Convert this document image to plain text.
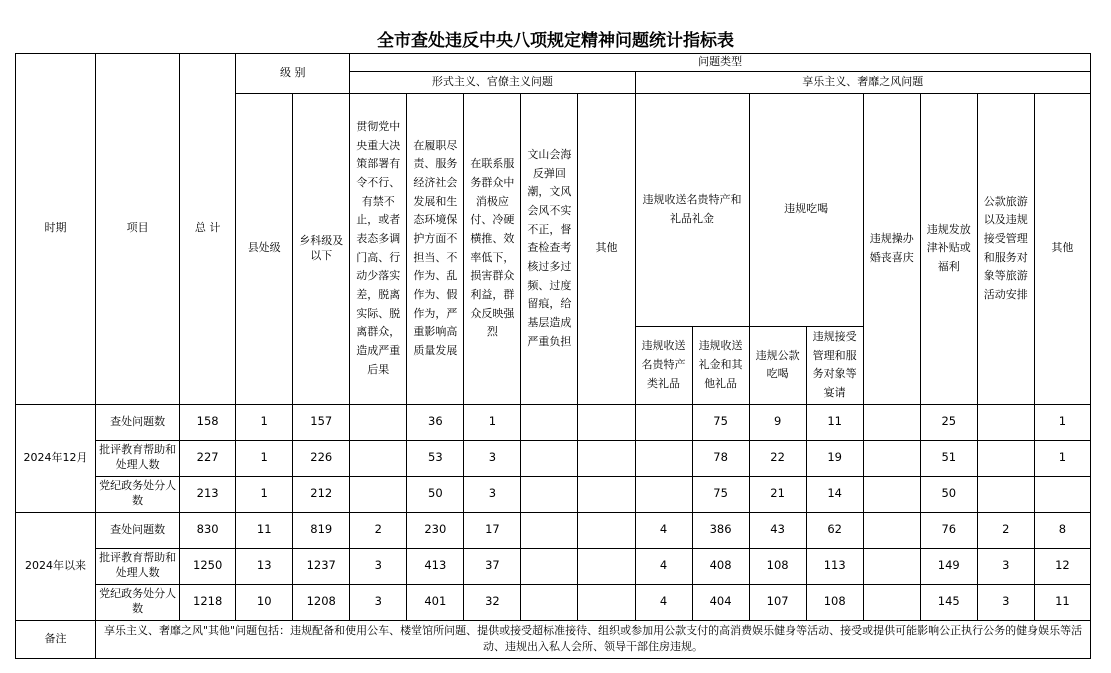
全市查处违反中央八项规定精神问题统计指标表
时期	项目	总 计	级 别		问题类型												
					形式主义、官僚主义问题					享乐主义、奢靡之风问题							
			县处级	乡科级及以下	贯彻党中央重大决策部署有令不行、有禁不止，或者表态多调门高、行动少落实差，脱离实际、脱离群众，造成严重后果	在履职尽责、服务经济社会发展和生态环境保护方面不担当、不作为、乱作为、假作为，严重影响高质量发展	在联系服务群众中消极应付、冷硬横推、效率低下，损害群众利益，群众反映强烈	文山会海反弹回潮，文风会风不实不正，督查检查考核过多过频、过度留痕，给基层造成严重负担	其他	违规收送名贵特产和礼品礼金		违规吃喝		违规操办婚丧喜庆	违规发放津补贴或福利	公款旅游以及违规接受管理和服务对象等旅游活动安排	其他
										违规收送名贵特产类礼品	违规收送礼金和其他礼品	违规公款吃喝	违规接受管理和服务对象等宴请				
2024年12月	查处问题数	158	1	157		36	1				75	9	11		25		1
	批评教育帮助和处理人数	227	1	226		53	3				78	22	19		51		1
	党纪政务处分人数	213	1	212		50	3				75	21	14		50		
2024年以来	查处问题数	830	11	819	2	230	17			4	386	43	62		76	2	8
	批评教育帮助和处理人数	1250	13	1237	3	413	37			4	408	108	113		149	3	12
	党纪政务处分人数	1218	10	1208	3	401	32			4	404	107	108		145	3	11
备注	享乐主义、奢靡之风"其他"问题包括：违规配备和使用公车、楼堂馆所问题、提供或接受超标准接待、组织或参加用公款支付的高消费娱乐健身等活动、接受或提供可能影响公正执行公务的健身娱乐等活动、违规出入私人会所、领导干部住房违规。																
